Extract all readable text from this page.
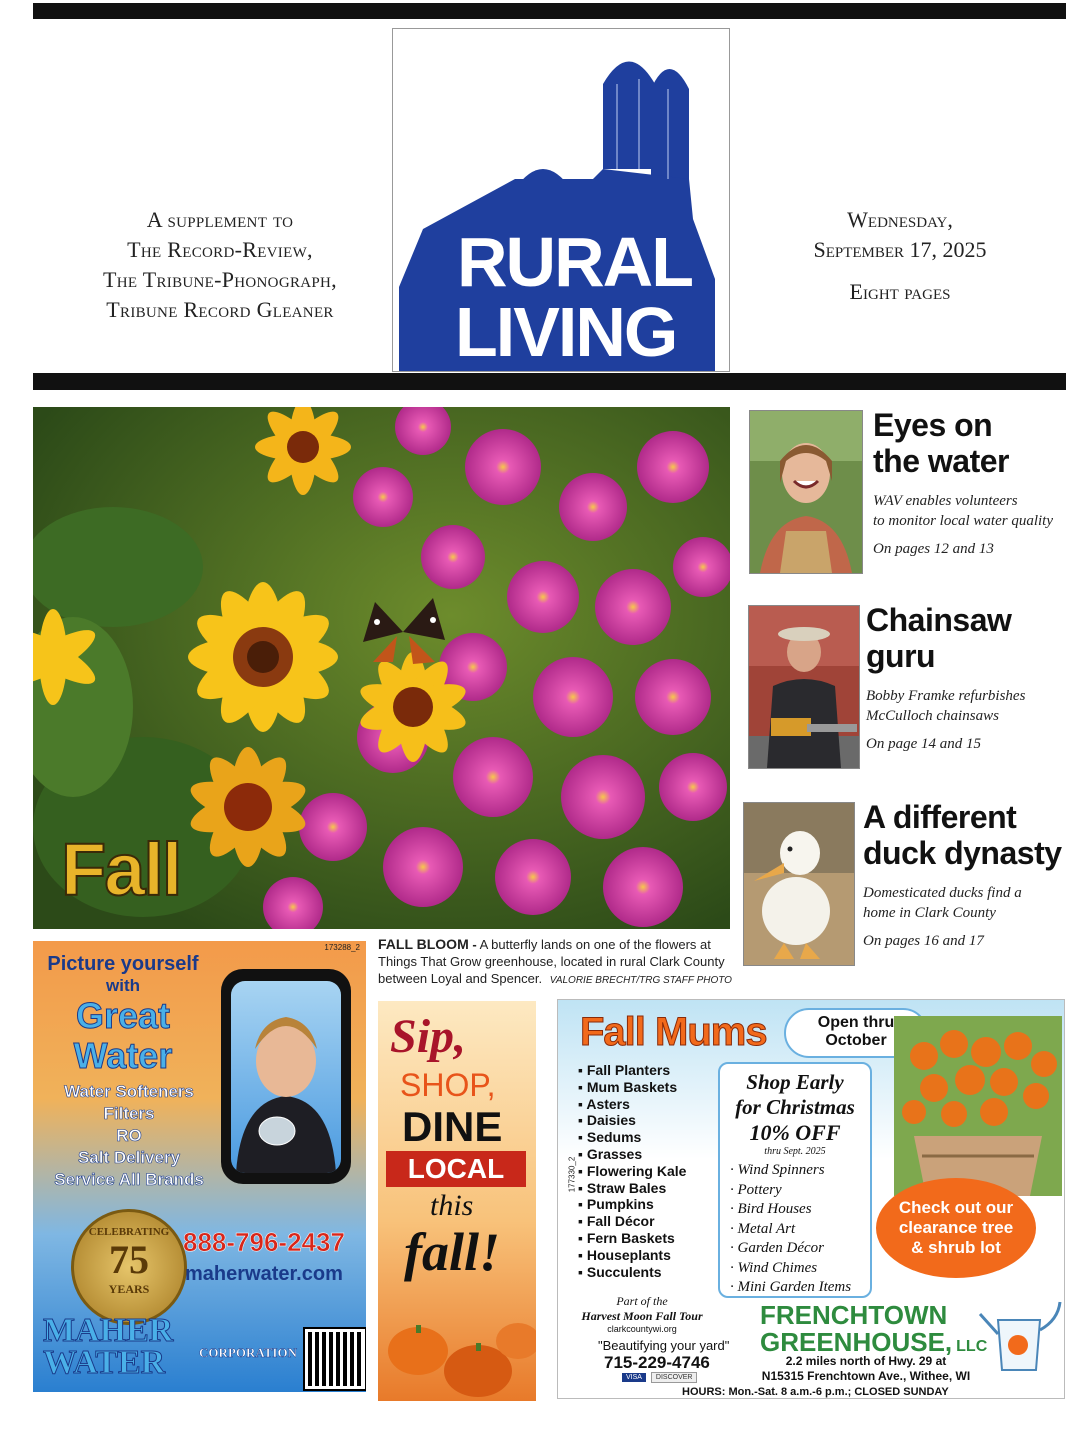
A supplement to
The Record-Review,
The Tribune-Phonograph,
Tribune Record Gleaner
RURAL
LIVING
Wednesday,
September 17, 2025
Eight pages
Fall
FALL BLOOM - A butterfly lands on one of the flowers at Things That Grow greenhouse, located in rural Clark County between Loyal and Spencer. VALORIE BRECHT/TRG STAFF PHOTO
Eyes on
the water
WAV enables volunteers
to monitor local water quality
On pages 12 and 13
Chainsaw
guru
Bobby Framke refurbishes
McCulloch chainsaws
On page 14 and 15
A different
duck dynasty
Domesticated ducks find a
home in Clark County
On pages 16 and 17
173288_2
Picture yourself
with
Great
Water
Water Softeners
Filters
RO
Salt Delivery
Service All Brands
CELEBRATING
75
YEARS
888-796-2437
maherwater.com
MAHER
WATER	CORPORATION
Sip,
SHOP,
DINE
LOCAL
this
fall!
177330_2
Fall Mums	Open thru
October
▪ Fall Planters
▪ Mum Baskets
▪ Asters
▪ Daisies
▪ Sedums
▪ Grasses
▪ Flowering Kale
▪ Straw Bales
▪ Pumpkins
▪ Fall Décor
▪ Fern Baskets
▪ Houseplants
▪ Succulents
Shop Early
for Christmas
10% OFF
thru Sept. 2025
· Wind Spinners
· Pottery
· Bird Houses
· Metal Art
· Garden Décor
· Wind Chimes
· Mini Garden Items
Check out our
clearance tree
& shrub lot
Part of the
Harvest Moon Fall Tour
clarkcountywi.org
"Beautifying your yard"
715-229-4746
VISA DISCOVER
FRENCHTOWN
GREENHOUSE, LLC
2.2 miles north of Hwy. 29 at
N15315 Frenchtown Ave., Withee, WI
HOURS: Mon.-Sat. 8 a.m.-6 p.m.; CLOSED SUNDAY
